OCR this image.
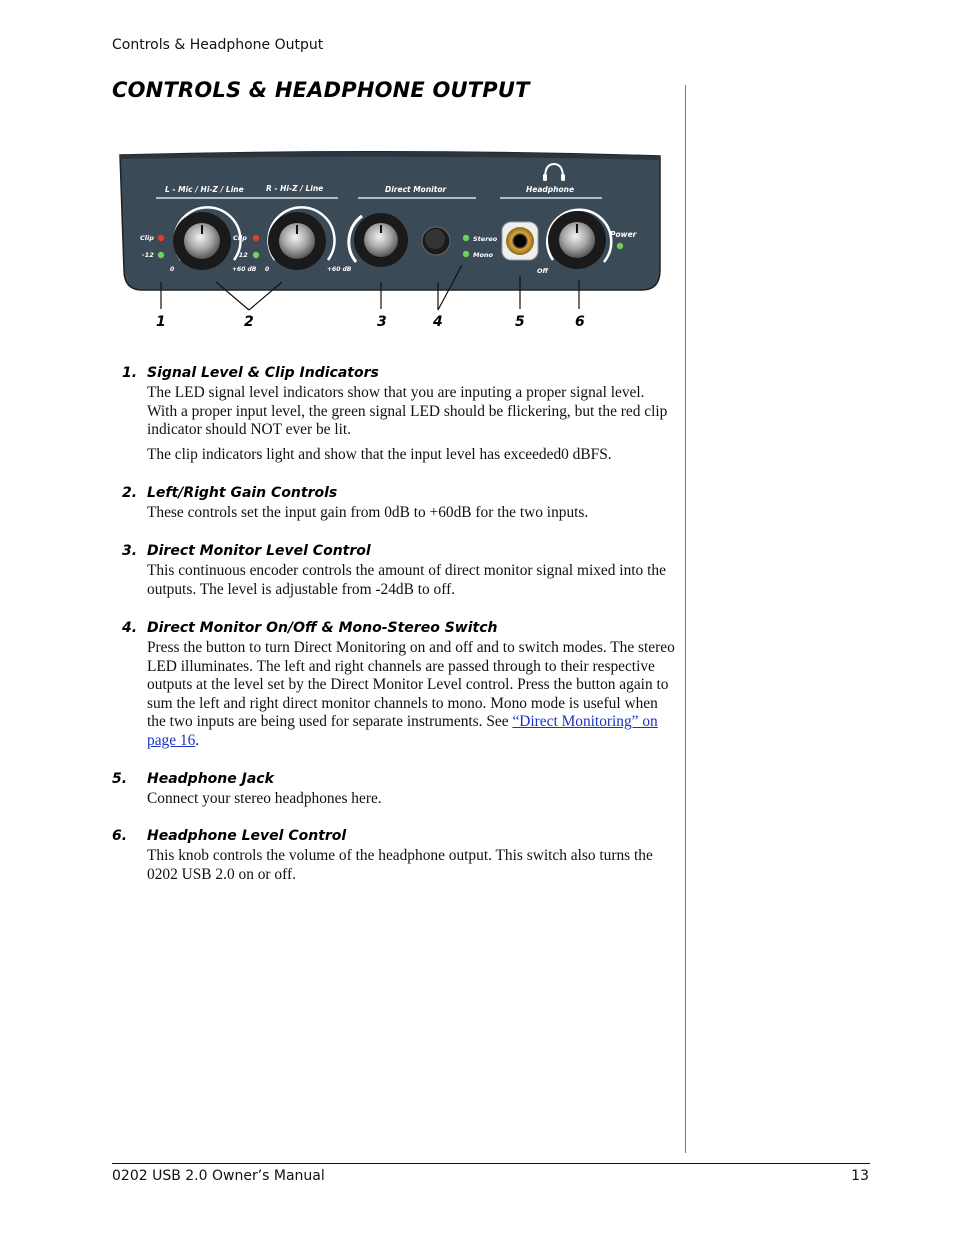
Controls & Headphone Output
CONTROLS & HEADPHONE OUTPUT
L - Mic / Hi-Z / Line	R - Hi-Z / Line	Direct Monitor	Headphone
Clip
-12
0	+60 dB
Clip
-12
0	+60 dB
Stereo
Mono
Off
Power
1	2	3	4	5	6
1. Signal Level & Clip Indicators

The LED signal level indicators show that you are inputing a proper signal level. With a proper input level, the green signal LED should be flickering, but the red clip indicator should NOT ever be lit.

The clip indicators light and show that the input level has exceeded0 dBFS.

2. Left/Right Gain Controls

These controls set the input gain from 0dB to +60dB for the two inputs.

3. Direct Monitor Level Control

This continuous encoder controls the amount of direct monitor signal mixed into the outputs. The level is adjustable from -24dB to off.

4. Direct Monitor On/Off & Mono-Stereo Switch

Press the button to turn Direct Monitoring on and off and to switch modes. The stereo LED illuminates. The left and right channels are passed through to their respective outputs at the level set by the Direct Monitor Level control. Press the button again to sum the left and right direct monitor channels to mono. Mono mode is useful when the two inputs are being used for separate instruments. See “Direct Monitoring” on page 16.

5.	Headphone Jack

Connect your stereo headphones here.

6.	Headphone Level Control

This knob controls the volume of the headphone output. This switch also turns the 0202 USB 2.0 on or off.

0202 USB 2.0 Owner’s Manual	13
